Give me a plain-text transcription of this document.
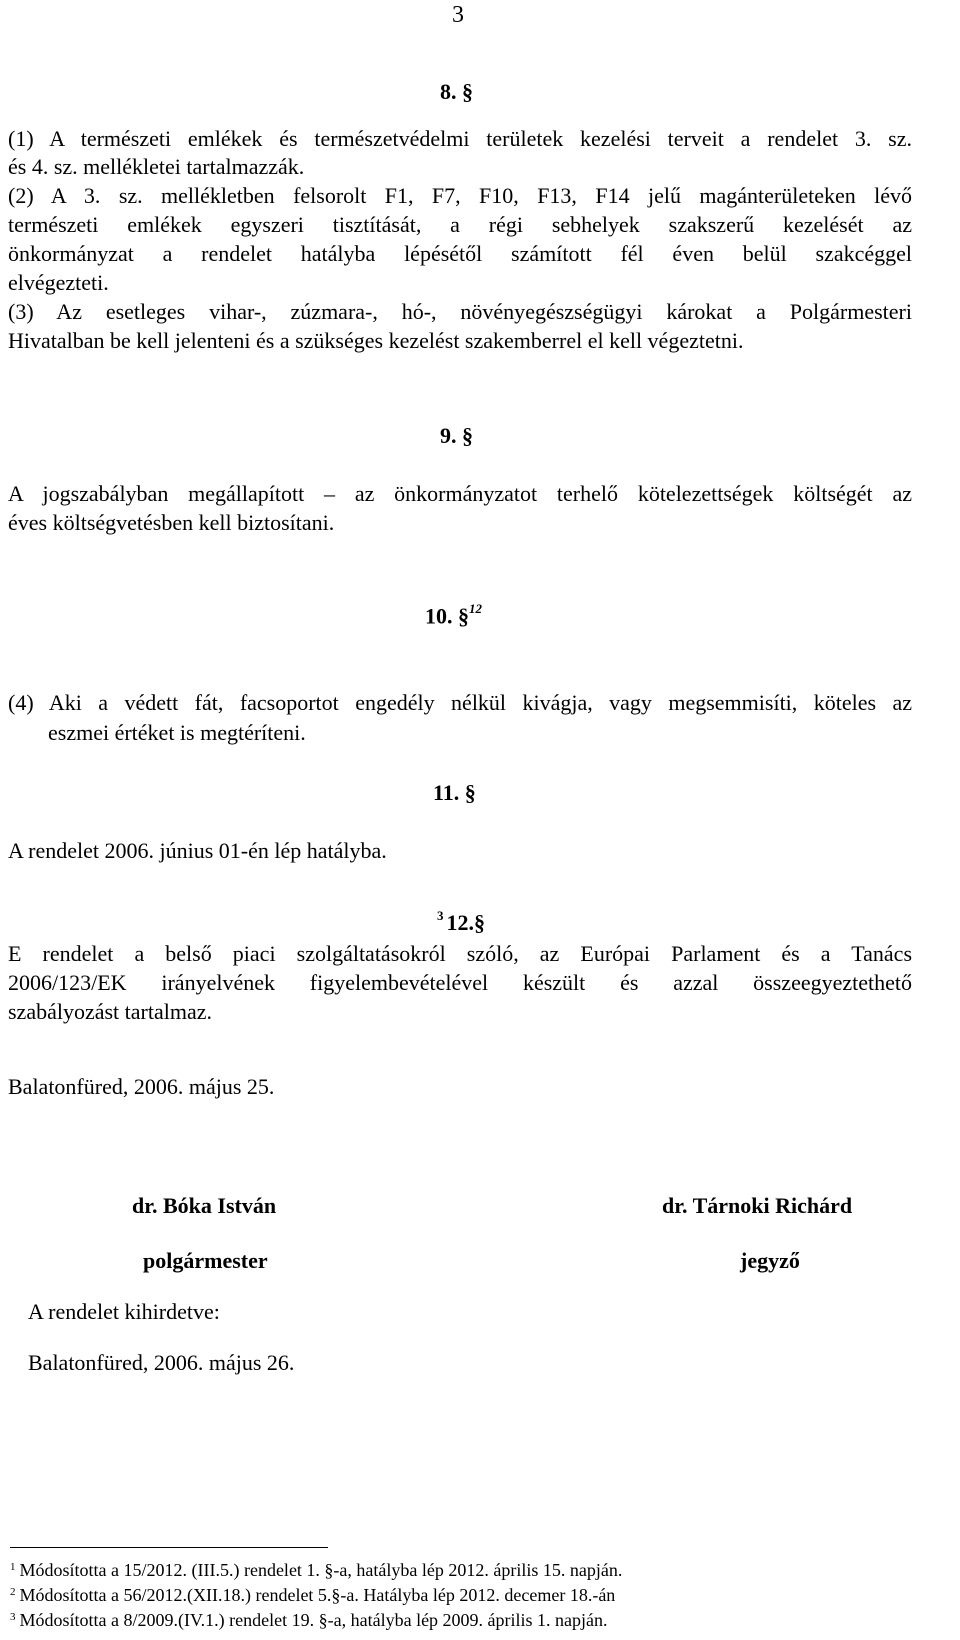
3
8. §
(1) A természeti emlékek és természetvédelmi területek kezelési terveit a rendelet 3. sz.
és 4. sz. mellékletei tartalmazzák.
(2) A 3. sz. mellékletben felsorolt F1, F7, F10, F13, F14 jelű magánterületeken lévő
természeti emlékek egyszeri tisztítását, a régi sebhelyek szakszerű kezelését az
önkormányzat a rendelet hatályba lépésétől számított fél éven belül szakcéggel
elvégezteti.
(3) Az esetleges vihar-, zúzmara-, hó-, növényegészségügyi károkat a Polgármesteri
Hivatalban be kell jelenteni és a szükséges kezelést szakemberrel el kell végeztetni.
9. §
A jogszabályban megállapított – az önkormányzatot terhelő kötelezettségek költségét az
éves költségvetésben kell biztosítani.
10. §$^{12}$
(4) Aki a védett fát, facsoportot engedély nélkül kivágja, vagy megsemmisíti, köteles az
eszmei értéket is megtéríteni.
11. §
A rendelet 2006. június 01-én lép hatályba.
$^3$ 12.§
E rendelet a belső piaci szolgáltatásokról szóló, az Európai Parlament és a Tanács
2006/123/EK irányelvének figyelembevételével készült és azzal összeegyeztethető
szabályozást tartalmaz.
Balatonfüred, 2006. május 25.
dr. Bóka István	dr. Tárnoki Richárd
polgármester	jegyző
A rendelet kihirdetve:
Balatonfüred, 2006. május 26.
$^1$ Módosította a 15/2012. (III.5.) rendelet 1. §-a, hatályba lép 2012. április 15. napján.
$^2$ Módosította a 56/2012.(XII.18.) rendelet 5.§-a. Hatályba lép 2012. decemer 18.-án
$^3$ Módosította a 8/2009.(IV.1.) rendelet 19. §-a, hatályba lép 2009. április 1. napján.
